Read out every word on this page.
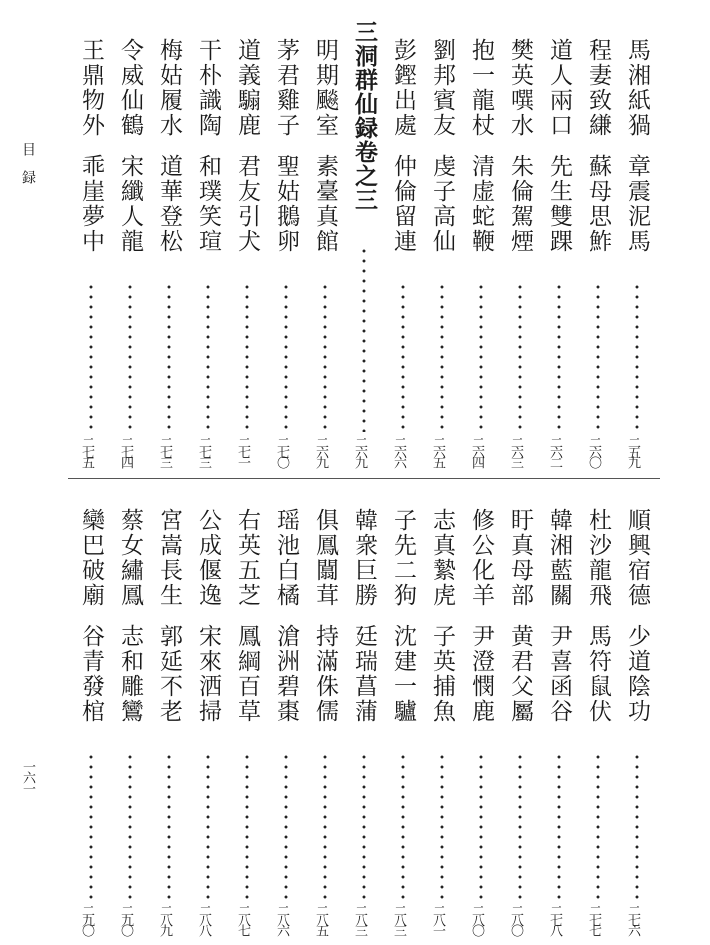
目録
一六一
馬湘紙猧
章震泥馬
二五九
程妻致縑
蘇母思鮓
二六〇
道人兩口
先生雙踝
二六二
樊英噀水
朱倫駕煙
二六三
抱一龍杖
清虚蛇鞭
二六四
劉邦賓友
虔子高仙
二六五
彭鏗出處
仲倫留連
二六六
三洞群仙録卷之三
二六九
明期飈室
素臺真館
二六九
茅君雞子
聖姑鵝卵
二七〇
道義騸鹿
君友引犬
二七一
干朴識陶
和璞笑瑄
二七三
梅姑履水
道華登松
二七三
令威仙鶴
宋纖人龍
二七四
王鼎物外
乖崖夢中
二七五
順興宿德
少道陰功
二七六
杜沙龍飛
馬符鼠伏
二七七
韓湘藍關
尹喜函谷
二七八
盱真母部
黄君父屬
二八〇
修公化羊
尹澄憫鹿
二八〇
志真縶虎
子英捕魚
二八一
子先二狗
沈建一驢
二八三
韓衆巨勝
廷瑞菖蒲
二八三
俱鳳闒茸
持滿侏儒
二八五
瑶池白橘
滄洲碧棗
二八六
右英五芝
鳳綱百草
二八七
公成偃逸
宋來洒掃
二八八
宮嵩長生
郭延不老
二八九
蔡女繡鳳
志和雕鸞
二九〇
欒巴破廟
谷青發棺
二九〇
